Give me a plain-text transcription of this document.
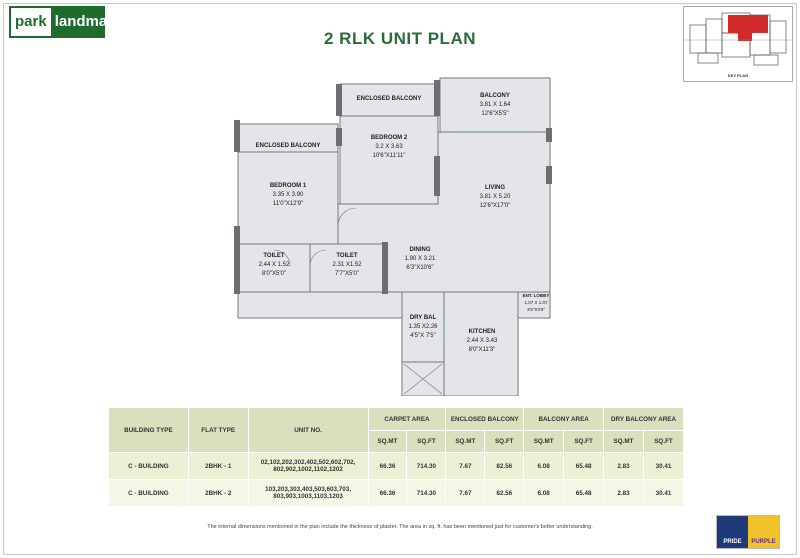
park landmark
2 RLK UNIT PLAN
KEY PLAN
ENCLOSED BALCONY
ENCLOSED BALCONY	BALCONY
3.81 X 1.64
12'6"X5'5"
BEDROOM 2
3.2 X 3.63
10'6"X11'11"
BEDROOM 1
3.35 X 3.90
11'0"X12'9"
LIVING
3.81 X 5.20
12'6"X17'0"
TOILET
2.44 X 1.52
8'0"X5'0"
TOILET
2.31 X1.52
7'7"X5'0"
DINING
1.90 X 3.21
6'3"X10'6"
ENT. LOBBY
1.07 X 1.07
3'6"X3'6"
DRY BAL
1.35 X2.26
4'5"X 7'5"
KITCHEN
2.44 X 3.43
8'0"X11'3"
BUILDING TYPE	FLAT TYPE	UNIT NO.	CARPET AREA		ENCLOSED BALCONY		BALCONY AREA		DRY BALCONY AREA	
			SQ.MT	SQ.FT	SQ.MT	SQ.FT	SQ.MT	SQ.FT	SQ.MT	SQ.FT
C - BUILDING	2BHK - 1	02,102,202,302,402,502,602,702, 802,902,1002,1102,1202	66.36	714.30	7.67	82.56	6.08	65.48	2.83	30.41
C - BUILDING	2BHK - 2	103,203,303,403,503,603,703, 803,903,1003,1103,1203	66.36	714.30	7.67	82.56	6.08	65.48	2.83	30.41
The internal dimensions mentioned in the plan include the thickness of plaster. The area in sq. ft. has been mentioned just for customer's better understanding.
PRIDE	PURPLE
